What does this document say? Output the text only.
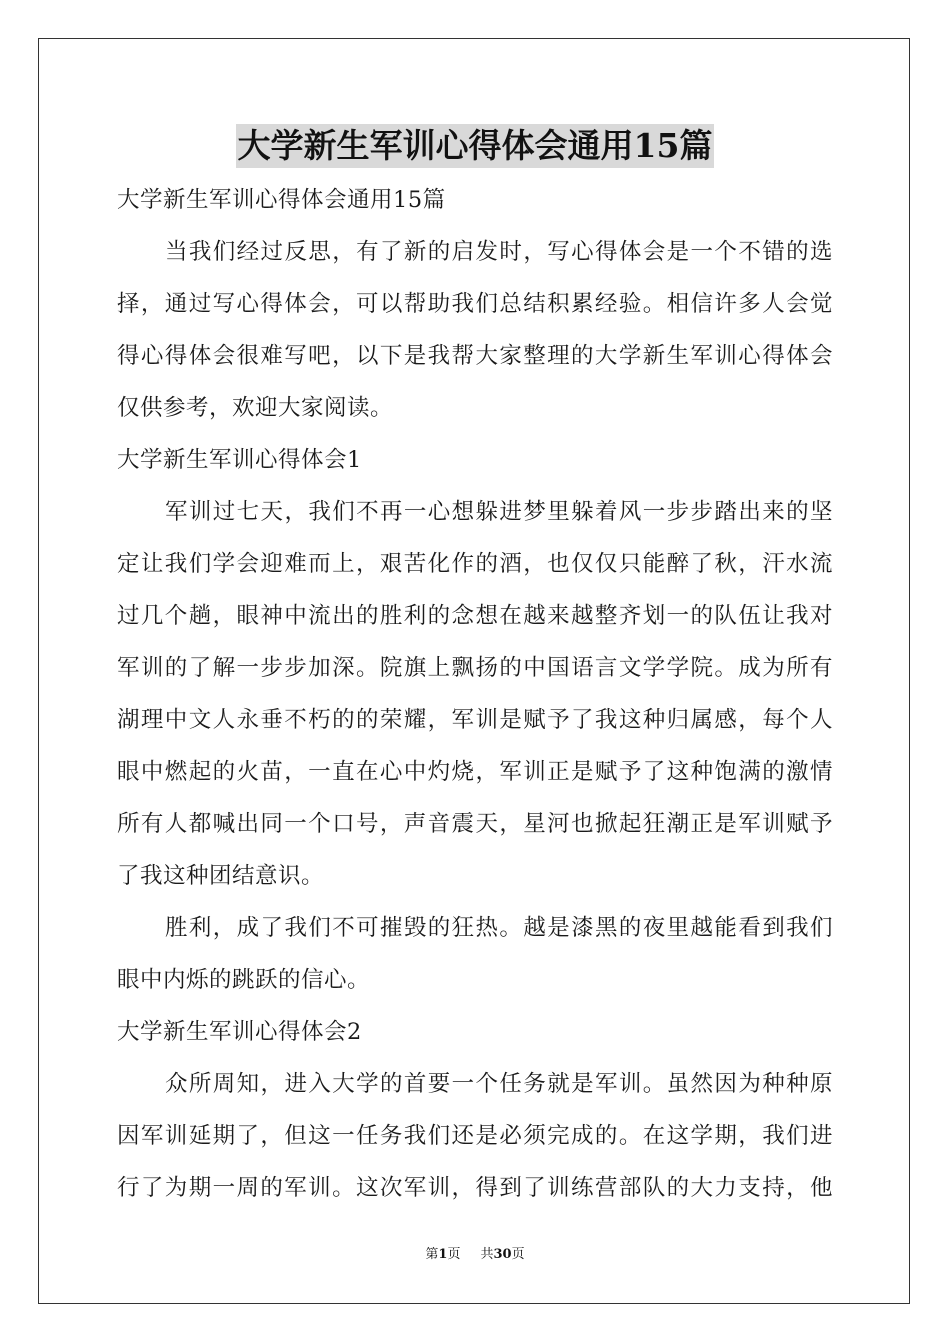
大学新生军训心得体会通用15篇
大学新生军训心得体会通用15篇
当我们经过反思，有了新的启发时，写心得体会是一个不错的选
择，通过写心得体会，可以帮助我们总结积累经验。相信许多人会觉
得心得体会很难写吧，以下是我帮大家整理的大学新生军训心得体会
仅供参考，欢迎大家阅读。
大学新生军训心得体会1
军训过七天，我们不再一心想躲进梦里躲着风一步步踏出来的坚
定让我们学会迎难而上，艰苦化作的酒，也仅仅只能醉了秋，汗水流
过几个趟，眼神中流出的胜利的念想在越来越整齐划一的队伍让我对
军训的了解一步步加深。院旗上飘扬的中国语言文学学院。成为所有
湖理中文人永垂不朽的的荣耀，军训是赋予了我这种归属感，每个人
眼中燃起的火苗，一直在心中灼烧，军训正是赋予了这种饱满的激情
所有人都喊出同一个口号，声音震天，星河也掀起狂潮正是军训赋予
了我这种团结意识。
胜利，成了我们不可摧毁的狂热。越是漆黑的夜里越能看到我们
眼中内烁的跳跃的信心。
大学新生军训心得体会2
众所周知，进入大学的首要一个任务就是军训。虽然因为种种原
因军训延期了，但这一任务我们还是必须完成的。在这学期，我们进
行了为期一周的军训。这次军训，得到了训练营部队的大力支持，他
第1页 共30页
